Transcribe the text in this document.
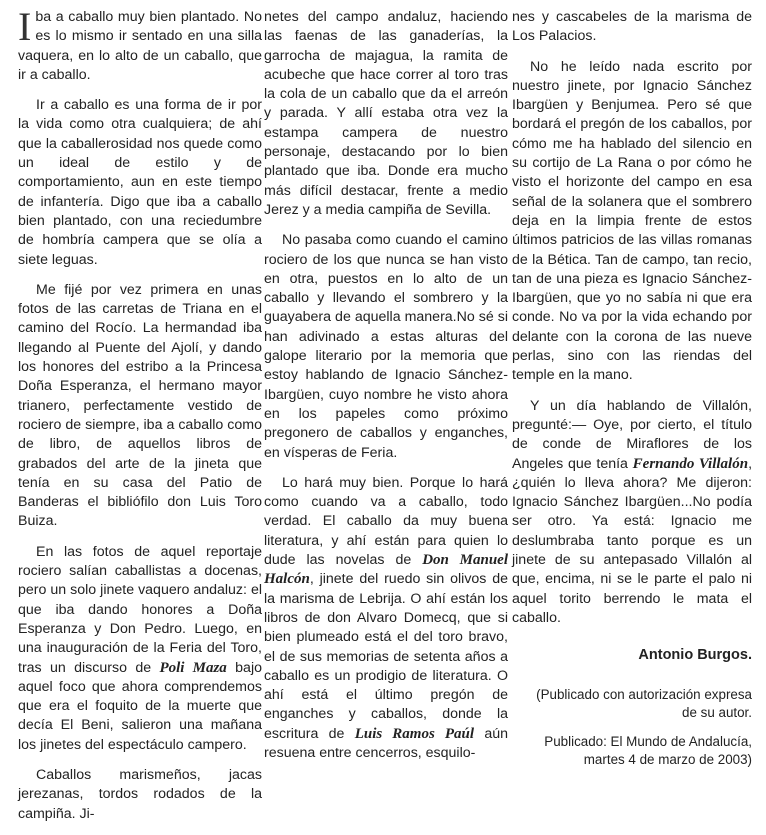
Iba a caballo muy bien plantado. No es lo mismo ir sentado en una silla vaquera, en lo alto de un caballo, que ir a caballo.

Ir a caballo es una forma de ir por la vida como otra cualquiera; de ahí que la caballerosidad nos quede como un ideal de estilo y de comportamiento, aun en este tiempo de infantería. Digo que iba a caballo bien plantado, con una reciedumbre de hombría campera que se olía a siete leguas.

Me fijé por vez primera en unas fotos de las carretas de Triana en el camino del Rocío. La hermandad iba llegando al Puente del Ajolí, y dando los honores del estribo a la Princesa Doña Esperanza, el hermano mayor trianero, perfectamente vestido de rociero de siempre, iba a caballo como de libro, de aquellos libros de grabados del arte de la jineta que tenía en su casa del Patio de Banderas el bibliófilo don Luis Toro Buiza.

En las fotos de aquel reportaje rociero salían caballistas a docenas, pero un solo jinete vaquero andaluz: el que iba dando honores a Doña Esperanza y Don Pedro. Luego, en una inauguración de la Feria del Toro, tras un discurso de Poli Maza bajo aquel foco que ahora comprendemos que era el foquito de la muerte que decía El Beni, salieron una mañana los jinetes del espectáculo campero.

Caballos marismeños, jacas jerezanas, tordos rodados de la campiña. Ji-

netes del campo andaluz, haciendo las faenas de las ganaderías, la garrocha de majagua, la ramita de acubeche que hace correr al toro tras la cola de un caballo que da el arreón y parada. Y allí estaba otra vez la estampa campera de nuestro personaje, destacando por lo bien plantado que iba. Donde era mucho más difícil destacar, frente a medio Jerez y a media campiña de Sevilla.

No pasaba como cuando el camino rociero de los que nunca se han visto en otra, puestos en lo alto de un caballo y llevando el sombrero y la guayabera de aquella manera.No sé si han adivinado a estas alturas del galope literario por la memoria que estoy hablando de Ignacio Sánchez-Ibargüen, cuyo nombre he visto ahora en los papeles como próximo pregonero de caballos y enganches, en vísperas de Feria.

Lo hará muy bien. Porque lo hará como cuando va a caballo, todo verdad. El caballo da muy buena literatura, y ahí están para quien lo dude las novelas de Don Manuel Halcón, jinete del ruedo sin olivos de la marisma de Lebrija. O ahí están los libros de don Alvaro Domecq, que si bien plumeado está el del toro bravo, el de sus memorias de setenta años a caballo es un prodigio de literatura. O ahí está el último pregón de enganches y caballos, donde la escritura de Luis Ramos Paúl aún resuena entre cencerros, esquilo-

nes y cascabeles de la marisma de Los Palacios.

No he leído nada escrito por nuestro jinete, por Ignacio Sánchez Ibargüen y Benjumea. Pero sé que bordará el pregón de los caballos, por cómo me ha hablado del silencio en su cortijo de La Rana o por cómo he visto el horizonte del campo en esa señal de la solanera que el sombrero deja en la limpia frente de estos últimos patricios de las villas romanas de la Bética. Tan de campo, tan recio, tan de una pieza es Ignacio Sánchez-Ibargüen, que yo no sabía ni que era conde. No va por la vida echando por delante con la corona de las nueve perlas, sino con las riendas del temple en la mano.

Y un día hablando de Villalón, pregunté:— Oye, por cierto, el título de conde de Miraflores de los Angeles que tenía Fernando Villalón, ¿quién lo lleva ahora? Me dijeron: Ignacio Sánchez Ibargüen...No podía ser otro. Ya está: Ignacio me deslumbraba tanto porque es un jinete de su antepasado Villalón al que, encima, ni se le parte el palo ni aquel torito berrendo le mata el caballo.

Antonio Burgos.

(Publicado con autorización expresa de su autor.

Publicado: El Mundo de Andalucía, martes 4 de marzo de 2003)
